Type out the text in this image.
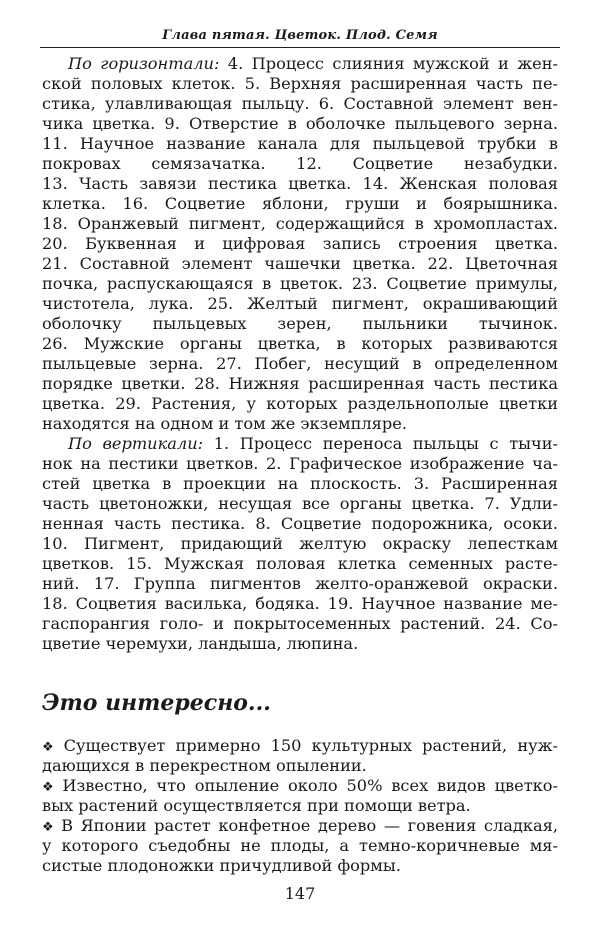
Глава пятая. Цветок. Плод. Семя
По горизонтали: 4. Процесс слияния мужской и жен-
ской половых клеток. 5. Верхняя расширенная часть пе-
стика, улавливающая пыльцу. 6. Составной элемент вен-
чика цветка. 9. Отверстие в оболочке пыльцевого зерна.
11. Научное название канала для пыльцевой трубки в
покровах семязачатка. 12. Соцветие незабудки.
13. Часть завязи пестика цветка. 14. Женская половая
клетка. 16. Соцветие яблони, груши и боярышника.
18. Оранжевый пигмент, содержащийся в хромопластах.
20. Буквенная и цифровая запись строения цветка.
21. Составной элемент чашечки цветка. 22. Цветочная
почка, распускающаяся в цветок. 23. Соцветие примулы,
чистотела, лука. 25. Желтый пигмент, окрашивающий
оболочку пыльцевых зерен, пыльники тычинок.
26. Мужские органы цветка, в которых развиваются
пыльцевые зерна. 27. Побег, несущий в определенном
порядке цветки. 28. Нижняя расширенная часть пестика
цветка. 29. Растения, у которых раздельнополые цветки
находятся на одном и том же экземпляре.
По вертикали: 1. Процесс переноса пыльцы с тычи-
нок на пестики цветков. 2. Графическое изображение ча-
стей цветка в проекции на плоскость. 3. Расширенная
часть цветоножки, несущая все органы цветка. 7. Удли-
ненная часть пестика. 8. Соцветие подорожника, осоки.
10. Пигмент, придающий желтую окраску лепесткам
цветков. 15. Мужская половая клетка семенных расте-
ний. 17. Группа пигментов желто-оранжевой окраски.
18. Соцветия василька, бодяка. 19. Научное название ме-
гаспорангия голо- и покрытосеменных растений. 24. Со-
цветие черемухи, ландыша, люпина.
Это интересно...
❖ Существует примерно 150 культурных растений, нуж-
дающихся в перекрестном опылении.
❖ Известно, что опыление около 50% всех видов цветко-
вых растений осуществляется при помощи ветра.
❖ В Японии растет конфетное дерево — говения сладкая,
у которого съедобны не плоды, а темно-коричневые мя-
систые плодоножки причудливой формы.
147
